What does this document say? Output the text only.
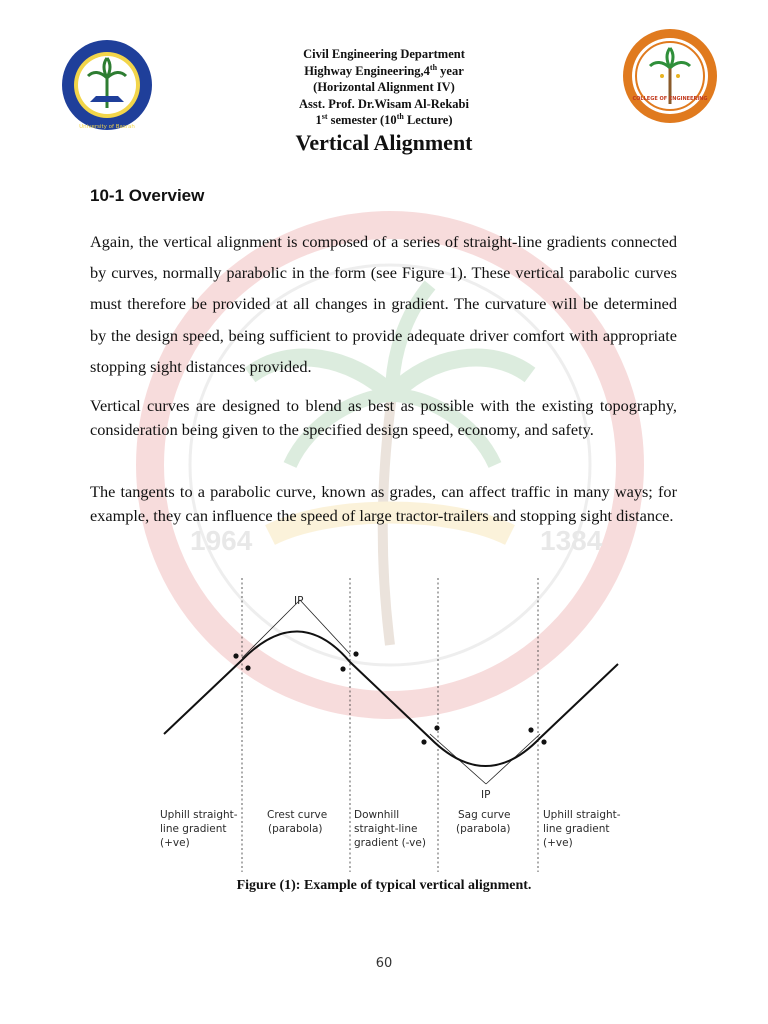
1964	1384
University of Basrah
COLLEGE OF ENGINEERING
Civil Engineering Department
Highway Engineering,4th year
(Horizontal Alignment IV)
Asst. Prof. Dr.Wisam Al-Rekabi
1st semester (10th Lecture)
Vertical Alignment
10-1 Overview
Again, the vertical alignment is composed of a series of straight-line gradients connected by curves, normally parabolic in the form (see Figure 1). These vertical parabolic curves must therefore be provided at all changes in gradient. The curvature will be determined by the design speed, being sufficient to provide adequate driver comfort with appropriate stopping sight distances provided.
Vertical curves are designed to blend as best as possible with the existing topography, consideration being given to the specified design speed, economy, and safety.
The tangents to a parabolic curve, known as grades, can affect traffic in many ways; for example, they can influence the speed of large tractor-trailers and stopping sight distance.
IP
IP
Uphill straight-
line gradient
(+ve)
Crest curve
(parabola)
Downhill
straight-line
gradient (-ve)
Sag curve
(parabola)
Uphill straight-
line gradient
(+ve)
Figure (1): Example of typical vertical alignment.
60
